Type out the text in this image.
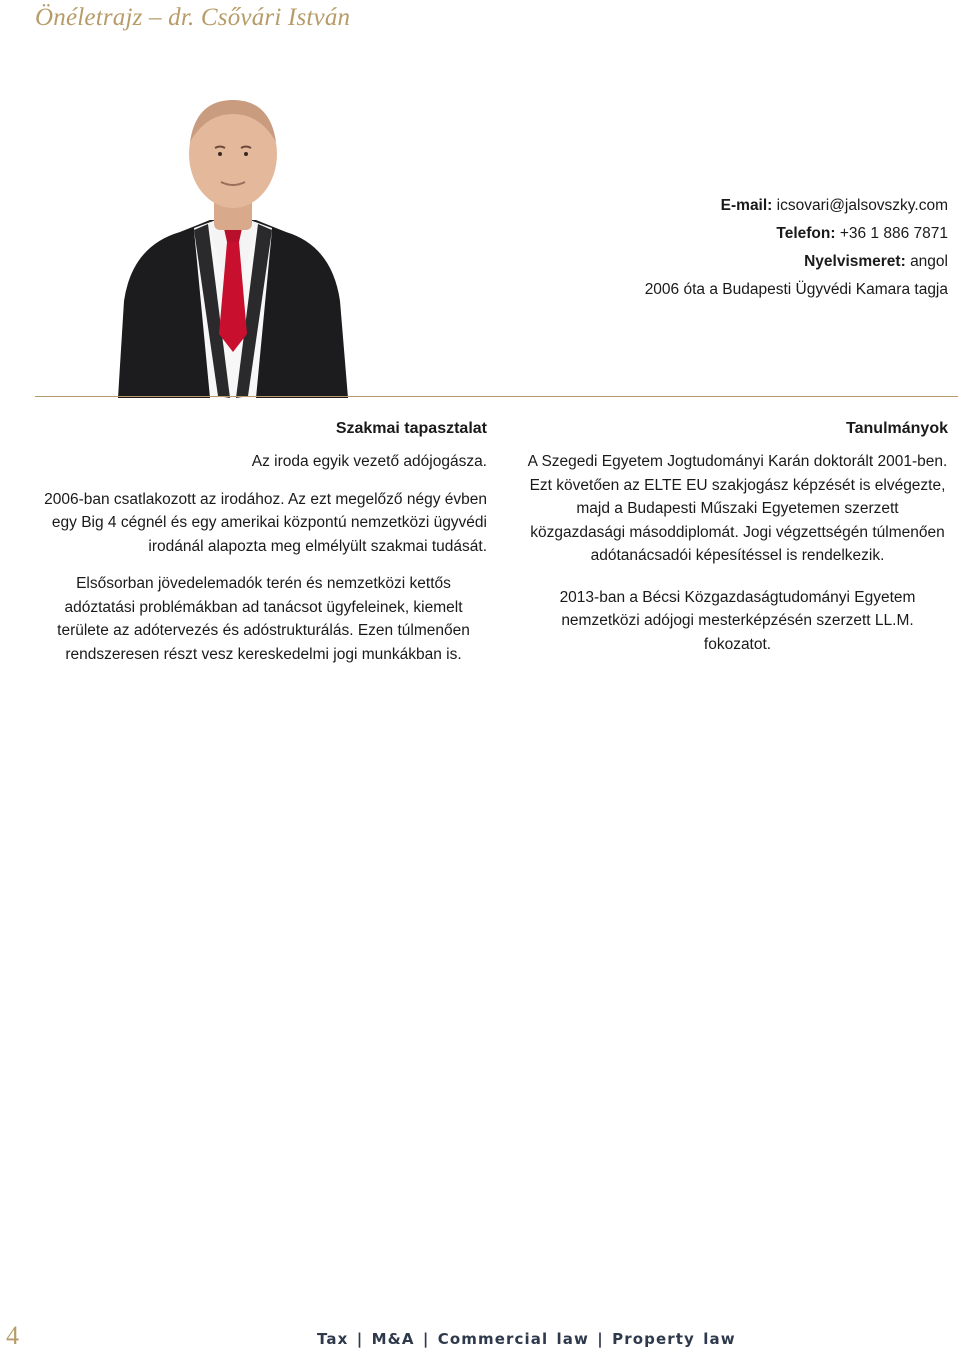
Önéletrajz – dr. Csővári István
E-mail: icsovari@jalsovszky.com
Telefon: +36 1 886 7871
Nyelvismeret: angol
2006 óta a Budapesti Ügyvédi Kamara tagja
Szakmai tapasztalat

Az iroda egyik vezető adójogásza.

2006-ban csatlakozott az irodához. Az ezt megelőző négy évben egy Big 4 cégnél és egy amerikai központú nemzetközi ügyvédi irodánál alapozta meg elmélyült szakmai tudását.

Elsősorban jövedelemadók terén és nemzetközi kettős adóztatási problémákban ad tanácsot ügyfeleinek, kiemelt területe az adótervezés és adóstrukturálás. Ezen túlmenően rendszeresen részt vesz kereskedelmi jogi munkákban is.

Tanulmányok

A Szegedi Egyetem Jogtudományi Karán doktorált 2001-ben. Ezt követően az ELTE EU szakjogász képzését is elvégezte, majd a Budapesti Műszaki Egyetemen szerzett közgazdasági másoddiplomát. Jogi végzettségén túlmenően adótanácsadói képesítéssel is rendelkezik.

2013-ban a Bécsi Közgazdaságtudományi Egyetem nemzetközi adójogi mesterképzésén szerzett LL.M. fokozatot.

4	Tax | M&A | Commercial law | Property law
